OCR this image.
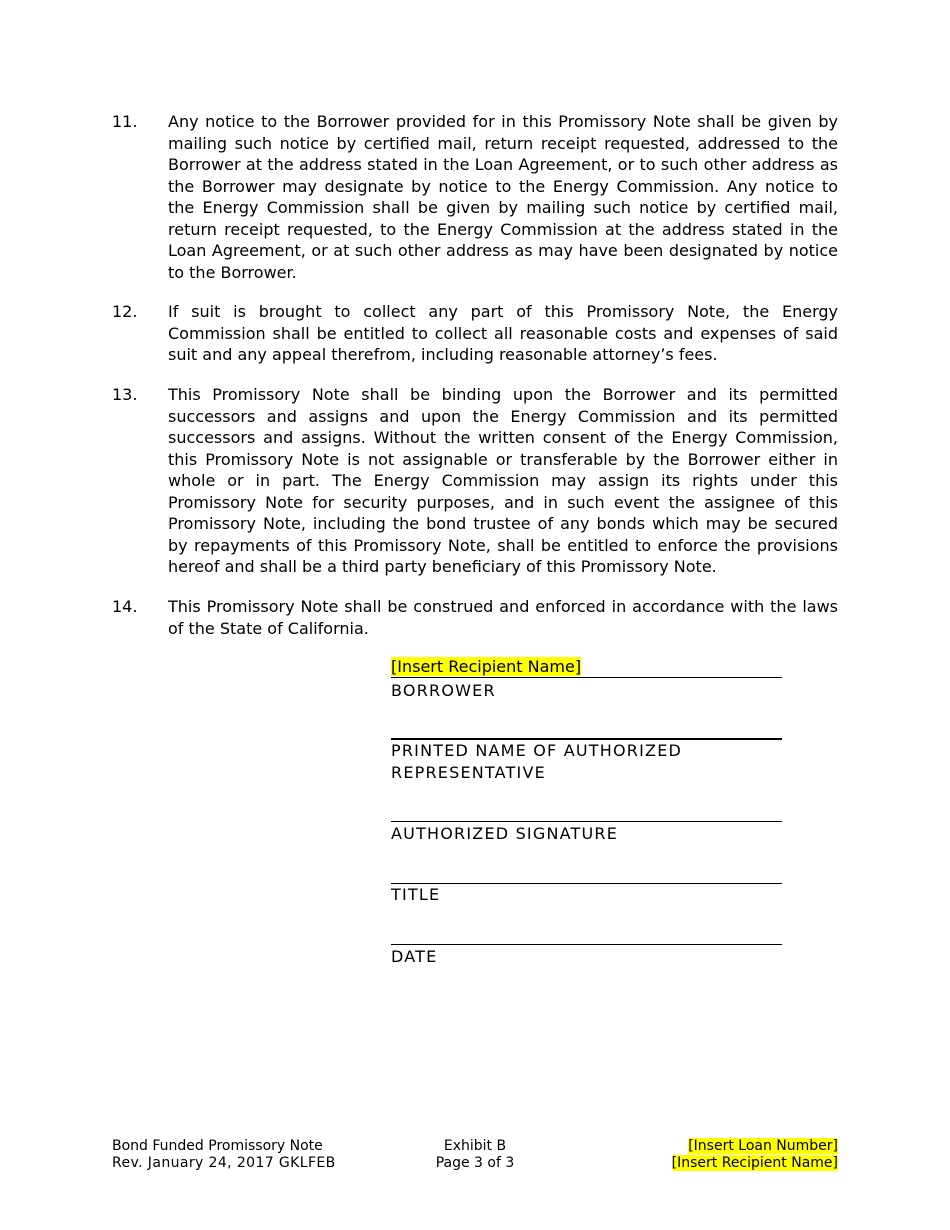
11. Any notice to the Borrower provided for in this Promissory Note shall be given by mailing such notice by certified mail, return receipt requested, addressed to the Borrower at the address stated in the Loan Agreement, or to such other address as the Borrower may designate by notice to the Energy Commission. Any notice to the Energy Commission shall be given by mailing such notice by certified mail, return receipt requested, to the Energy Commission at the address stated in the Loan Agreement, or at such other address as may have been designated by notice to the Borrower.
12. If suit is brought to collect any part of this Promissory Note, the Energy Commission shall be entitled to collect all reasonable costs and expenses of said suit and any appeal therefrom, including reasonable attorney’s fees.
13. This Promissory Note shall be binding upon the Borrower and its permitted successors and assigns and upon the Energy Commission and its permitted successors and assigns. Without the written consent of the Energy Commission, this Promissory Note is not assignable or transferable by the Borrower either in whole or in part. The Energy Commission may assign its rights under this Promissory Note for security purposes, and in such event the assignee of this Promissory Note, including the bond trustee of any bonds which may be secured by repayments of this Promissory Note, shall be entitled to enforce the provisions hereof and shall be a third party beneficiary of this Promissory Note.
14. This Promissory Note shall be construed and enforced in accordance with the laws of the State of California.
[Insert Recipient Name]
BORROWER
PRINTED NAME OF AUTHORIZED
REPRESENTATIVE
AUTHORIZED SIGNATURE
TITLE
DATE
Bond Funded Promissory Note
Rev. January 24, 2017 GKLFEB
Exhibit B
Page 3 of 3
[Insert Loan Number]
[Insert Recipient Name]
